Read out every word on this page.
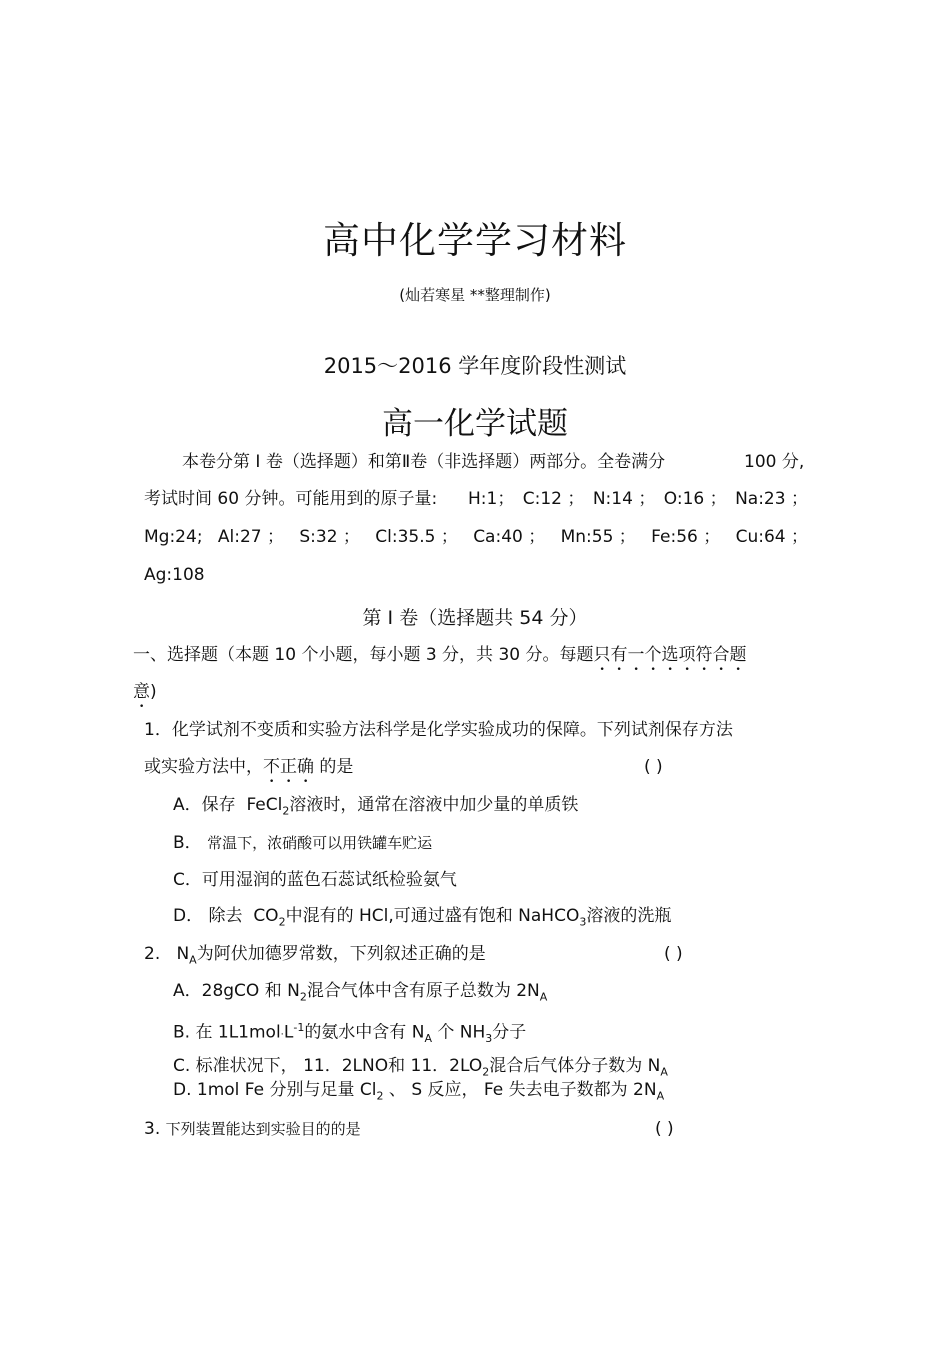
高中化学学习材料
(灿若寒星 **整理制作)
2015～2016 学年度阶段性测试
高一化学试题
本卷分第 I 卷（选择题）和第Ⅱ卷（非选择题）两部分。全卷满分	100 分,
考试时间 60 分钟。可能用到的原子量: H:1； C:12 ； N:14 ； O:16 ； Na:23 ；
Mg:24; Al:27 ； S:32 ； Cl:35.5 ； Ca:40 ； Mn:55 ； Fe:56 ； Cu:64 ；
Ag:108
第 I 卷（选择题共 54 分）
一、选择题（本题 10 个小题，每小题 3 分，共 30 分。每题只有一个选项符合题
意)
1．化学试剂不变质和实验方法科学是化学实验成功的保障。下列试剂保存方法
或实验方法中，不正确 的是	( )
A．保存 FeCl$_2$溶液时，通常在溶液中加少量的单质铁
B． 常温下，浓硝酸可以用铁罐车贮运
C．可用湿润的蓝色石蕊试纸检验氨气
D． 除去 $CO_2$中混有的 HCl,可通过盛有饱和 NaHCO$_3$溶液的洗瓶
2. $N_A$为阿伏加德罗常数，下列叙述正确的是	( )
A．28gCO 和 $N_2$混合气体中含有原子总数为 $2N_A$
B. 在 $1L1mol\cdot L^{-1}$的氨水中含有 $N_A$ 个 $NH_3$分子
C. 标准状况下， 11．2LNO和 11．$2LO_2$混合后气体分子数为 $N_A$
D. 1mol Fe 分别与足量 $Cl_2$ 、 S 反应， Fe 失去电子数都为 $2N_A$
3. 下列装置能达到实验目的的是	( )
